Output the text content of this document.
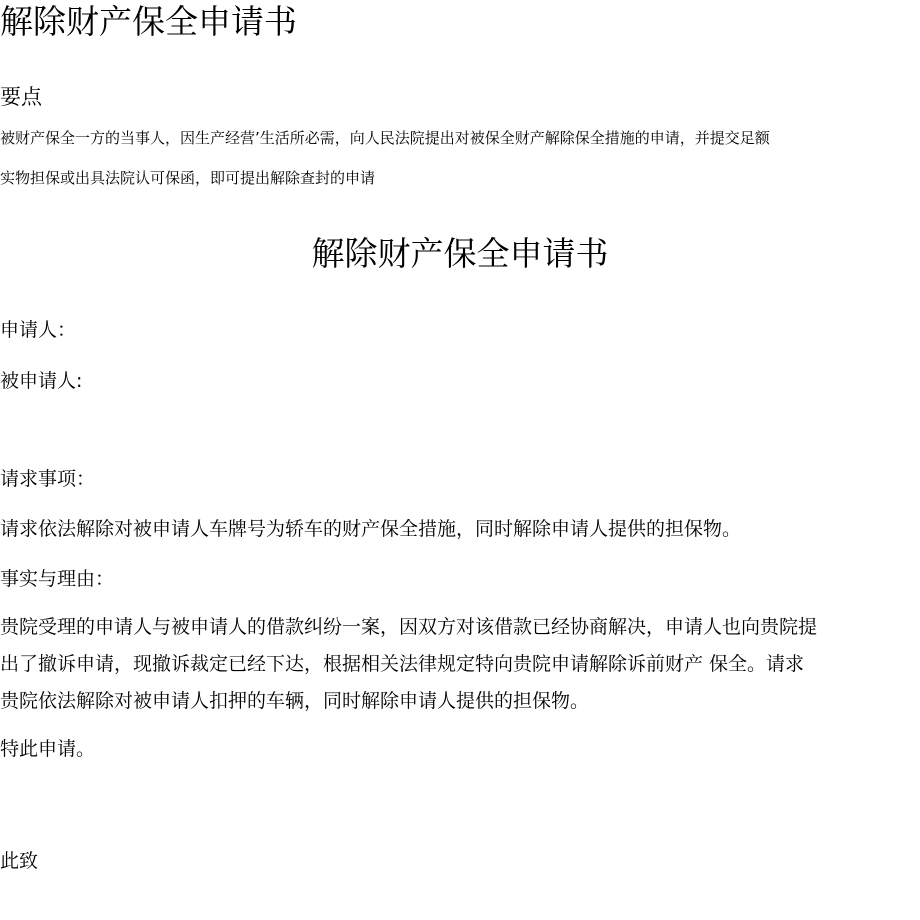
解除财产保全申请书
要点

被财产保全一方的当事人，因生产经营’生活所必需，向人民法院提出对被保全财产解除保全措施的申请，并提交足额

实物担保或出具法院认可保函，即可提出解除查封的申请

解除财产保全申请书

申请人：

被申请人:

请求事项：

请求依法解除对被申请人车牌号为轿车的财产保全措施，同时解除申请人提供的担保物。

事实与理由：

贵院受理的申请人与被申请人的借款纠纷一案，因双方对该借款已经协商解决，申请人也向贵院提

出了撤诉申请，现撤诉裁定已经下达，根据相关法律规定特向贵院申请解除诉前财产 保全。请求

贵院依法解除对被申请人扣押的车辆，同时解除申请人提供的担保物。

特此申请。

此致
